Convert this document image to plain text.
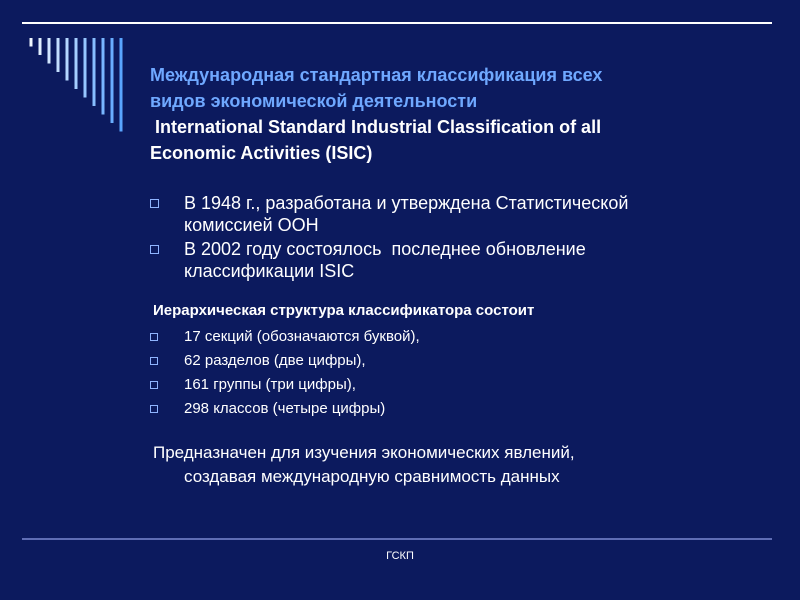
Международная стандартная классификация всех
видов экономической деятельности
International Standard Industrial Classification of all
Economic Activities (ISIC)
В 1948 г., разработана и утверждена Статистической
комиссией ООН
В 2002 году состоялось  последнее обновление
классификации ISIC
Иерархическая структура классификатора состоит
17 секций (обозначаются буквой),
62 разделов (две цифры),
161 группы (три цифры),
298 классов (четыре цифры)
Предназначен для изучения экономических явлений,
создавая международную сравнимость данных
ГСКП
